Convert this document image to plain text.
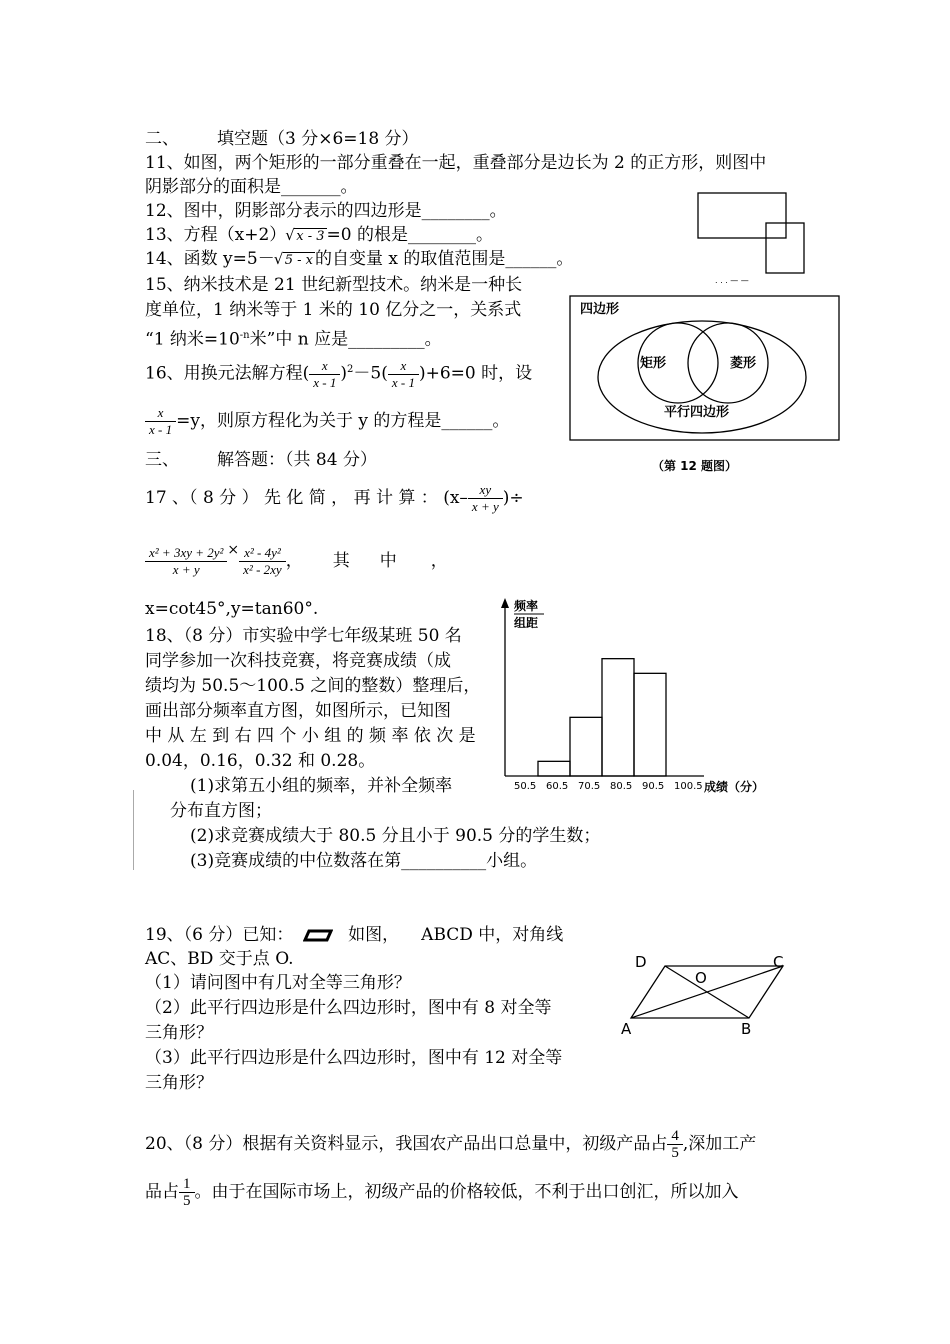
二、 填空题（3 分×6=18 分）
11、如图，两个矩形的一部分重叠在一起，重叠部分是边长为 2 的正方形，则图中
阴影部分的面积是_______。
12、图中，阴影部分表示的四边形是________。
13、方程（x+2） √ x - 3 =0 的根是________。
14、函数 y=5－ √ 5 - x 的自变量 x 的取值范围是______。
15、纳米技术是 21 世纪新型技术。纳米是一种长
度单位，1 纳米等于 1 米的 10 亿分之一，关系式
“1 纳米$=10^{-n}$米”中 n 应是_________。
16、用换元法解方程( $\frac{x}{x - 1} )^2-5( \frac{x}{x - 1} )+6=0$ 时，设
$\frac{x}{x - 1} =y$，则原方程化为关于 y 的方程是______。
三、 解答题：（共 84 分）
17 、（ 8 分 ） 先 化 简 ， 再 计 算 ： ($x- \frac{xy}{x + y}$ )÷
$\frac{\text{x² + 3xy + 2y²}}{x + y} ^\times \frac{\text{x² - 4y²}}{\text{x² - 2xy}}$ ， 其 中 ，
x=cot45°,y=tan60°.
18、（8 分）市实验中学七年级某班 50 名
同学参加一次科技竞赛，将竞赛成绩（成
绩均为 50.5～100.5 之间的整数）整理后，
画出部分频率直方图，如图所示，已知图
中 从 左 到 右 四 个 小 组 的 频 率 依 次 是
0.04，0.16，0.32 和 0.28。
(1)求第五小组的频率，并补全频率
分布直方图；
(2)求竞赛成绩大于 80.5 分且小于 90.5 分的学生数；
(3)竞赛成绩的中位数落在第__________小组。
19、（6 分）已知：	如图， ABCD 中，对角线
AC、BD 交于点 O.
（1）请问图中有几对全等三角形？
（2）此平行四边形是什么四边形时，图中有 8 对全等
三角形？
（3）此平行四边形是什么四边形时，图中有 12 对全等
三角形？
20、（8 分）根据有关资料显示，我国农产品出口总量中，初级产品占 $\frac{4}{5}$ ,深加工产
品占 $\frac{1}{5}$ 。由于在国际市场上，初级产品的价格较低，不利于出口创汇，所以加入
. . . — —
四边形
矩形	菱形
平行四边形
（第 12 题图）
频率
组距
50.5 60.5 70.5 80.5 90.5 100.5 成绩（分）
A	B
C
D
O
